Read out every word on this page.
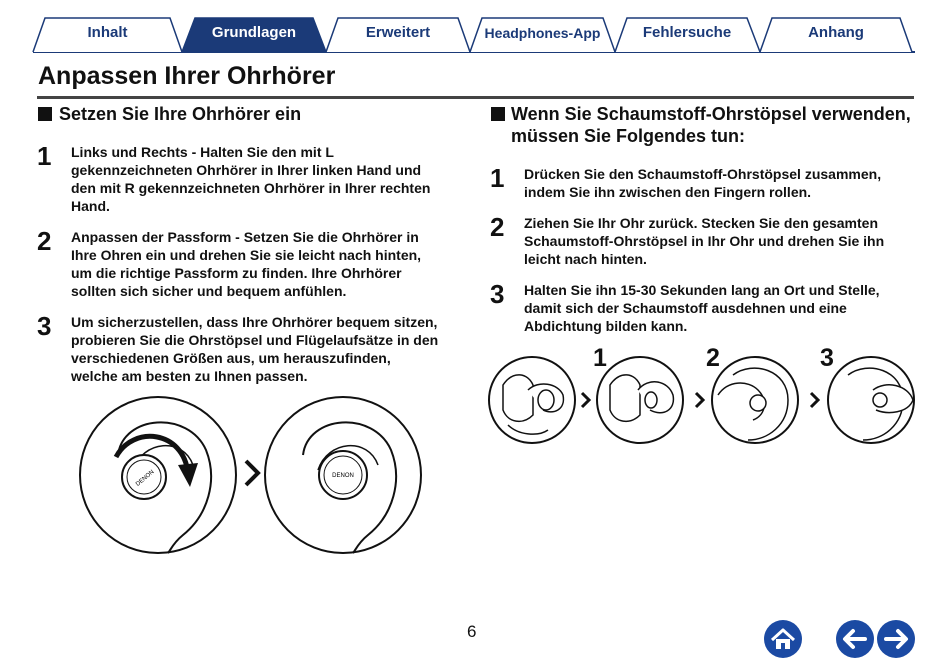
Inhalt	Grundlagen	Erweitert	Headphones-App	Fehlersuche	Anhang
Anpassen Ihrer Ohrhörer
Setzen Sie Ihre Ohrhörer ein
1 Links und Rechts - Halten Sie den mit L
gekennzeichneten Ohrhörer in Ihrer linken Hand und
den mit R gekennzeichneten Ohrhörer in Ihrer rechten
Hand.
2 Anpassen der Passform - Setzen Sie die Ohrhörer in
Ihre Ohren ein und drehen Sie sie leicht nach hinten,
um die richtige Passform zu finden. Ihre Ohrhörer
sollten sich sicher und bequem anfühlen.
3 Um sicherzustellen, dass Ihre Ohrhörer bequem sitzen,
probieren Sie die Ohrstöpsel und Flügelaufsätze in den
verschiedenen Größen aus, um herauszufinden,
welche am besten zu Ihnen passen.
DENON	DENON
Wenn Sie Schaumstoff-Ohrstöpsel verwenden,
müssen Sie Folgendes tun:
1 Drücken Sie den Schaumstoff-Ohrstöpsel zusammen,
indem Sie ihn zwischen den Fingern rollen.
2 Ziehen Sie Ihr Ohr zurück. Stecken Sie den gesamten
Schaumstoff-Ohrstöpsel in Ihr Ohr und drehen Sie ihn
leicht nach hinten.
3 Halten Sie ihn 15-30 Sekunden lang an Ort und Stelle,
damit sich der Schaumstoff ausdehnen und eine
Abdichtung bilden kann.
1	2	3
6
